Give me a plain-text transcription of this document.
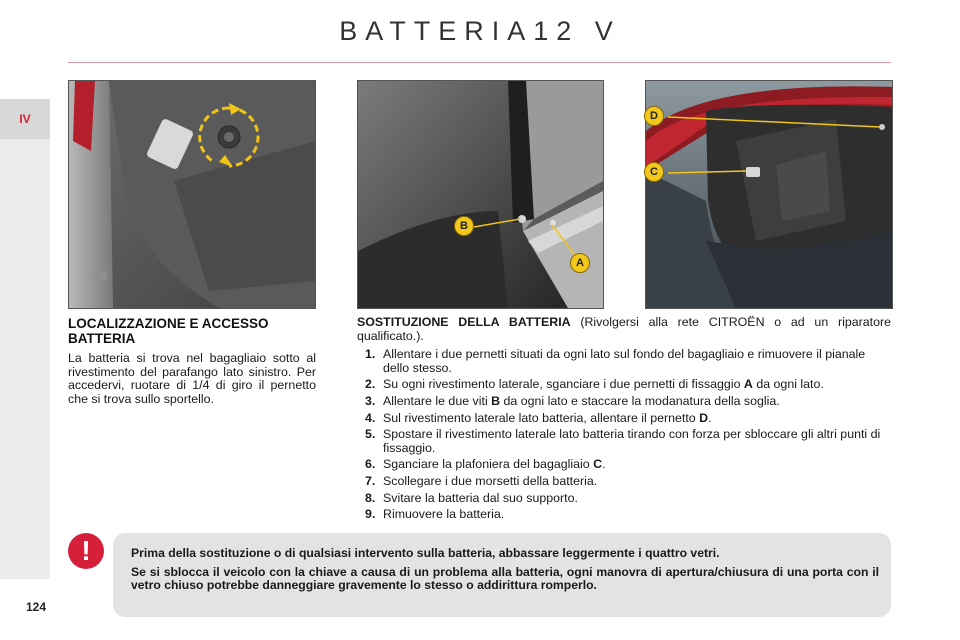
BATTERIA12 V
IV
124
A
B
C
D
LOCALIZZAZIONE E ACCESSO BATTERIA

La batteria si trova nel bagagliaio sotto al rivestimento del parafango lato sinistro. Per accedervi, ruotare di 1/4 di giro il pernetto che si trova sullo sportello.

SOSTITUZIONE DELLA BATTERIA (Rivolgersi alla rete CITROËN o ad un riparatore qualificato.).

1. Allentare i due pernetti situati da ogni lato sul fondo del bagagliaio e rimuovere il pianale dello stesso.
2. Su ogni rivestimento laterale, sganciare i due pernetti di fissaggio A da ogni lato.
3. Allentare le due viti B da ogni lato e staccare la modanatura della soglia.
4. Sul rivestimento laterale lato batteria, allentare il pernetto D.
5. Spostare il rivestimento laterale lato batteria tirando con forza per sbloccare gli altri punti di fissaggio.
6. Sganciare la plafoniera del bagagliaio C.
7. Scollegare i due morsetti della batteria.
8. Svitare la batteria dal suo supporto.
9. Rimuovere la batteria.
!	Prima della sostituzione o di qualsiasi intervento sulla batteria, abbassare leggermente i quattro vetri.

Se si sblocca il veicolo con la chiave a causa di un problema alla batteria, ogni manovra di apertura/chiusura di una porta con il vetro chiuso potrebbe danneggiare gravemente lo stesso o addirittura romperlo.
